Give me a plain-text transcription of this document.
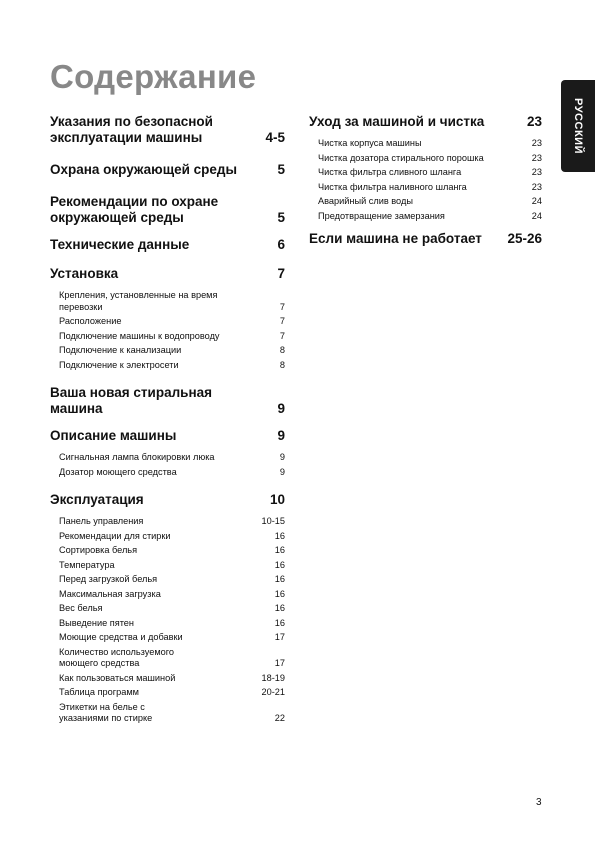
Содержание
РУССКИЙ
Указания по безопасной эксплуатации машины	4-5
Охрана окружающей среды	5
Рекомендации по охране окружающей среды	5
Технические данные	6
Установка	7
Крепления, установленные на время перевозки	7
Расположение	7
Подключение машины к водопроводу	7
Подключение к канализации	8
Подключение к электросети	8
Ваша новая стиральная машина	9
Описание машины	9
Сигнальная лампа блокировки люка	9
Дозатор моющего средства	9
Эксплуатация	10
Панель управления	10-15
Рекомендации для стирки	16
Сортировка белья	16
Температура	16
Перед загрузкой белья	16
Максимальная загрузка	16
Вес белья	16
Выведение пятен	16
Моющие средства и добавки	17
Количество используемого моющего средства	17
Как пользоваться машиной	18-19
Таблица программ	20-21
Этикетки на белье с указаниями по стирке	22
Уход за машиной и чистка	23
Чистка корпуса машины	23
Чистка дозатора стирального порошка	23
Чистка фильтра сливного шланга	23
Чистка фильтра наливного шланга	23
Аварийный слив воды	24
Предотвращение замерзания	24
Если машина не работает 25-26
3
